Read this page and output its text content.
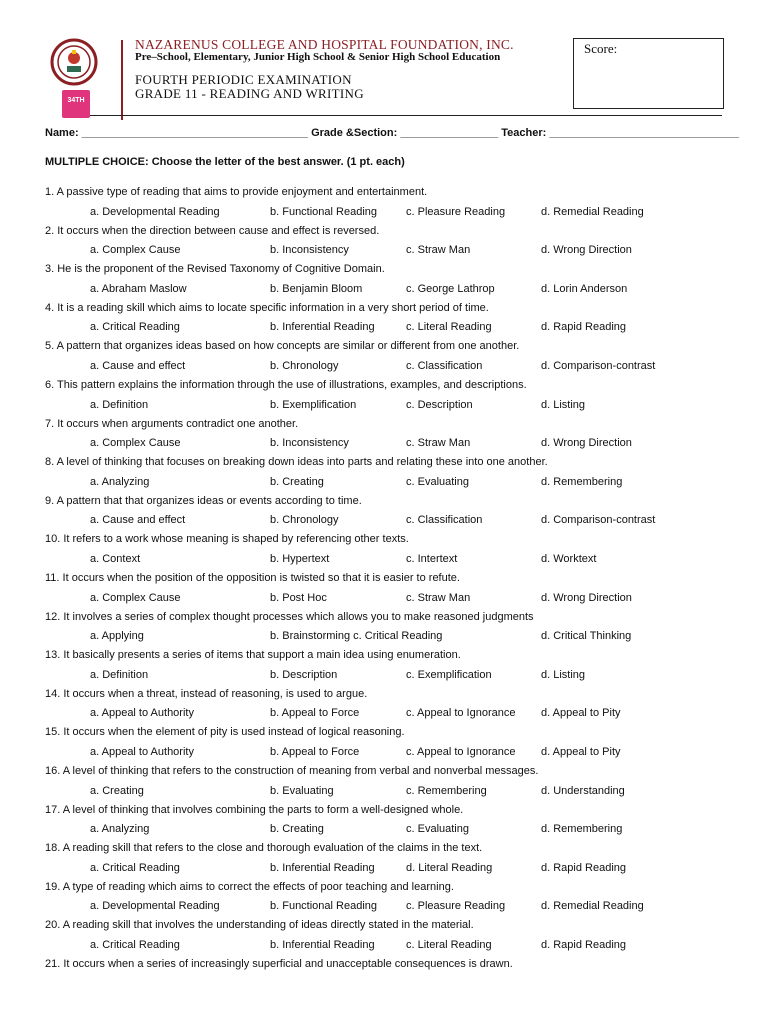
34TH
NAZARENUS COLLEGE AND HOSPITAL FOUNDATION, INC.
Pre–School, Elementary, Junior High School & Senior High School Education
FOURTH PERIODIC EXAMINATION
GRADE 11 - READING AND WRITING
Score:
Name: _____________________________________ Grade &Section: ________________ Teacher: _______________________________
MULTIPLE CHOICE: Choose the letter of the best answer. (1 pt. each)
1. A passive type of reading that aims to provide enjoyment and entertainment.
a. Developmental Reading	b. Functional Reading	c. Pleasure Reading	d. Remedial Reading
2. It occurs when the direction between cause and effect is reversed.
a. Complex Cause	b. Inconsistency	c. Straw Man	d. Wrong Direction
3. He is the proponent of the Revised Taxonomy of Cognitive Domain.
a. Abraham Maslow	b. Benjamin Bloom	c. George Lathrop	d. Lorin Anderson
4. It is a reading skill which aims to locate specific information in a very short period of time.
a. Critical Reading	b. Inferential Reading	c. Literal Reading	d. Rapid Reading
5. A pattern that organizes ideas based on how concepts are similar or different from one another.
a. Cause and effect	b. Chronology	c. Classification	d. Comparison-contrast
6. This pattern explains the information through the use of illustrations, examples, and descriptions.
a. Definition	b. Exemplification	c. Description	d. Listing
7. It occurs when arguments contradict one another.
a. Complex Cause	b. Inconsistency	c. Straw Man	d. Wrong Direction
8. A level of thinking that focuses on breaking down ideas into parts and relating these into one another.
a. Analyzing	b. Creating	c. Evaluating	d. Remembering
9. A pattern that that organizes ideas or events according to time.
a. Cause and effect	b. Chronology	c. Classification	d. Comparison-contrast
10. It refers to a work whose meaning is shaped by referencing other texts.
a. Context	b. Hypertext	c. Intertext	d. Worktext
11. It occurs when the position of the opposition is twisted so that it is easier to refute.
a. Complex Cause	b. Post Hoc	c. Straw Man	d. Wrong Direction
12. It involves a series of complex thought processes which allows you to make reasoned judgments
a. Applying	b. Brainstorming c. Critical Reading	d. Critical Thinking
13. It basically presents a series of items that support a main idea using enumeration.
a. Definition	b. Description	c. Exemplification	d. Listing
14. It occurs when a threat, instead of reasoning, is used to argue.
a. Appeal to Authority	b. Appeal to Force	c. Appeal to Ignorance d. Appeal to Pity
15. It occurs when the element of pity is used instead of logical reasoning.
a. Appeal to Authority	b. Appeal to Force	c. Appeal to Ignorance d. Appeal to Pity
16. A level of thinking that refers to the construction of meaning from verbal and nonverbal messages.
a. Creating	b. Evaluating	c. Remembering	d. Understanding
17. A level of thinking that involves combining the parts to form a well-designed whole.
a. Analyzing	b. Creating	c. Evaluating	d. Remembering
18. A reading skill that refers to the close and thorough evaluation of the claims in the text.
a. Critical Reading	b. Inferential Reading	d. Literal Reading	d. Rapid Reading
19. A type of reading which aims to correct the effects of poor teaching and learning.
a. Developmental Reading	b. Functional Reading	c. Pleasure Reading	d. Remedial Reading
20. A reading skill that involves the understanding of ideas directly stated in the material.
a. Critical Reading	b. Inferential Reading	c. Literal Reading	d. Rapid Reading
21. It occurs when a series of increasingly superficial and unacceptable consequences is drawn.
